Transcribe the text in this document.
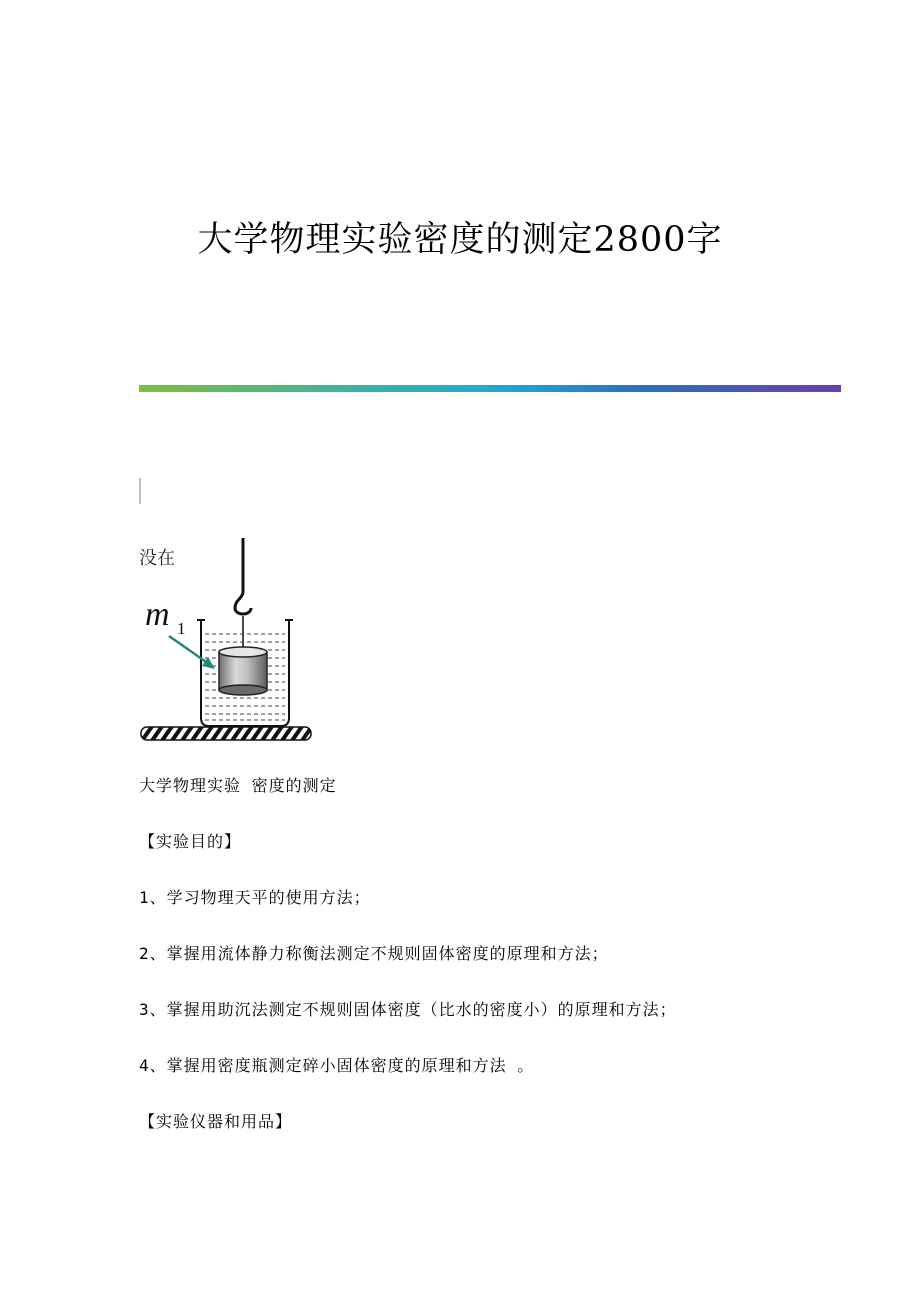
大学物理实验密度的测定2800字
没在
m 1

大学物理实验 密度的测定

【实验目的】

1、学习物理天平的使用方法；

2、掌握用流体静力称衡法测定不规则固体密度的原理和方法；

3、掌握用助沉法测定不规则固体密度（比水的密度小）的原理和方法；

4、掌握用密度瓶测定碎小固体密度的原理和方法 。

【实验仪器和用品】
